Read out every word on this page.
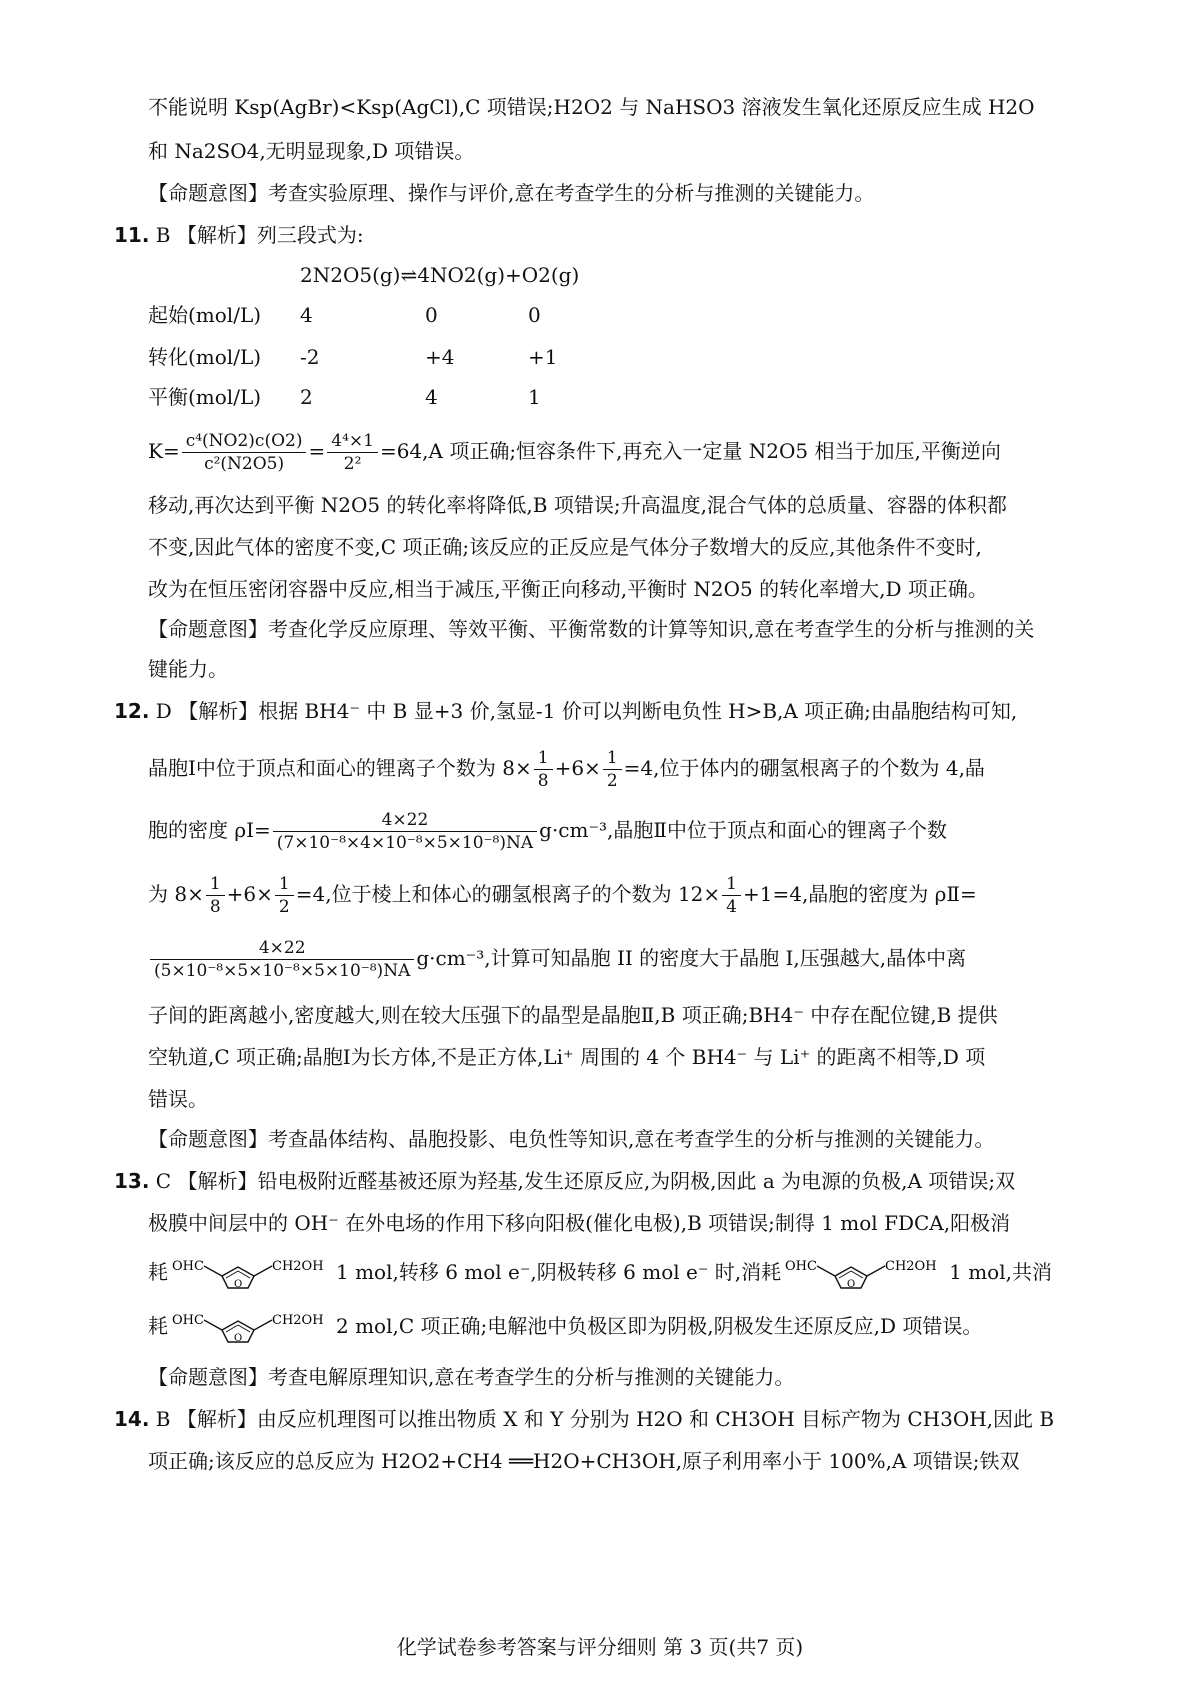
不能说明 Ksp(AgBr)<Ksp(AgCl),C 项错误;H2O2 与 NaHSO3 溶液发生氧化还原反应生成 H2O
和 Na2SO4,无明显现象,D 项错误。
【命题意图】考查实验原理、操作与评价,意在考查学生的分析与推测的关键能力。
11. B 【解析】列三段式为:
2N2O5(g)⇌4NO2(g)+O2(g)
起始(mol/L) 4	0	0
转化(mol/L) -2	+4	+1
平衡(mol/L) 2	4	1
$K= \frac{\text{c⁴(NO2)c(O2)}}{\text{c²(N2O5)}} = \frac{\text{4⁴×1}}{\text{2²}} =64,A$ 项正确;恒容条件下,再充入一定量 N2O5 相当于加压,平衡逆向
移动,再次达到平衡 N2O5 的转化率将降低,B 项错误;升高温度,混合气体的总质量、容器的体积都
不变,因此气体的密度不变,C 项正确;该反应的正反应是气体分子数增大的反应,其他条件不变时,
改为在恒压密闭容器中反应,相当于减压,平衡正向移动,平衡时 N2O5 的转化率增大,D 项正确。
【命题意图】考查化学反应原理、等效平衡、平衡常数的计算等知识,意在考查学生的分析与推测的关
键能力。
12. D 【解析】根据 BH4⁻ 中 B 显+3 价,氢显-1 价可以判断电负性 H>B,A 项正确;由晶胞结构可知,
晶胞Ⅰ中位于顶点和面心的锂离子个数为 $8\times \frac{1}{8} +6\times \frac{1}{2} =4$,位于体内的硼氢根离子的个数为 4,晶
胞的密度 ρⅠ= $\frac{4\times 22}{\text{(7×10⁻⁸×4×10⁻⁸×5×10⁻⁸)NA}} g\cdot cm^{-3}$,晶胞Ⅱ中位于顶点和面心的锂离子个数
为 $8\times \frac{1}{8} +6\times \frac{1}{2} =4$,位于棱上和体心的硼氢根离子的个数为 $12\times \frac{1}{4} +1=4$,晶胞的密度为 ρⅡ=
$\frac{4\times 22}{\text{(5×10⁻⁸×5×10⁻⁸×5×10⁻⁸)NA}} g\cdot cm^{-3}$,计算可知晶胞 II 的密度大于晶胞 I,压强越大,晶体中离
子间的距离越小,密度越大,则在较大压强下的晶型是晶胞Ⅱ,B 项正确;BH4⁻ 中存在配位键,B 提供
空轨道,C 项正确;晶胞Ⅰ为长方体,不是正方体,Li⁺ 周围的 4 个 BH4⁻ 与 Li⁺ 的距离不相等,D 项
错误。
【命题意图】考查晶体结构、晶胞投影、电负性等知识,意在考查学生的分析与推测的关键能力。
13. C 【解析】铅电极附近醛基被还原为羟基,发生还原反应,为阴极,因此 a 为电源的负极,A 项错误;双
极膜中间层中的 OH⁻ 在外电场的作用下移向阳极(催化电极),B 项错误;制得 1 mol FDCA,阳极消
耗 OHC
O
CH2OH 1 mol,转移 6 mol e⁻,阴极转移 6 mol e⁻ 时,消耗 OHC
O
CH2OH 1 mol,共消
耗 OHC
O
CH2OH 2 mol,C 项正确;电解池中负极区即为阴极,阴极发生还原反应,D 项错误。
【命题意图】考查电解原理知识,意在考查学生的分析与推测的关键能力。
14. B 【解析】由反应机理图可以推出物质 X 和 Y 分别为 H2O 和 CH3OH 目标产物为 CH3OH,因此 B
项正确;该反应的总反应为 H2O2+CH4 ══H2O+CH3OH,原子利用率小于 100%,A 项错误;铁双
化学试卷参考答案与评分细则 第 3 页(共7 页)
